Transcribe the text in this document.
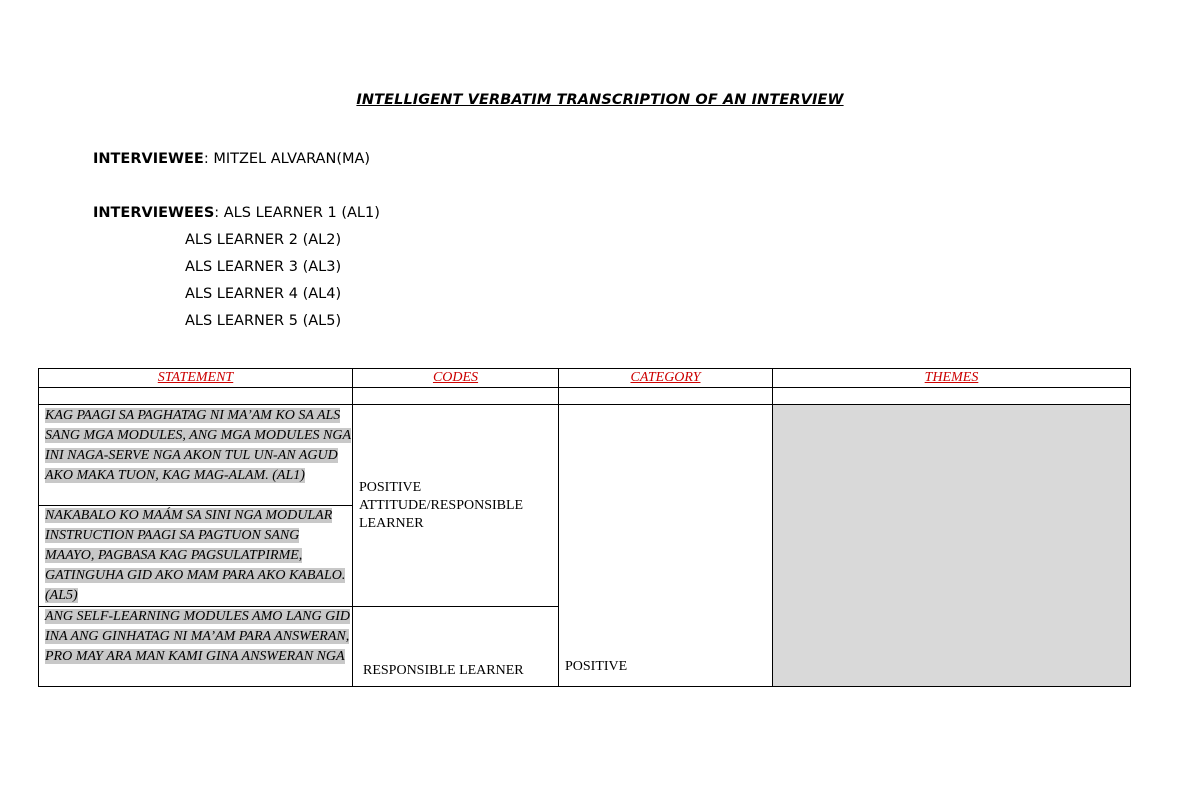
INTELLIGENT VERBATIM TRANSCRIPTION OF AN INTERVIEW
INTERVIEWEE: MITZEL ALVARAN(MA)
INTERVIEWEES: ALS LEARNER 1 (AL1)
ALS LEARNER 2 (AL2)
ALS LEARNER 3 (AL3)
ALS LEARNER 4 (AL4)
ALS LEARNER 5 (AL5)
STATEMENT	CODES	CATEGORY	THEMES

KAG PAAGI SA PAGHATAG NI MA’AM KO SA ALS SANG MGA MODULES, ANG MGA MODULES NGA INI NAGA-SERVE NGA AKON TUL UN-AN AGUD AKO MAKA TUON, KAG MAG-ALAM. (AL1)	POSITIVE ATTITUDE/RESPONSIBLE LEARNER	POSITIVE	
NAKABALO KO MAÁM SA SINI NGA MODULAR INSTRUCTION PAAGI SA PAGTUON SANG MAAYO, PAGBASA KAG PAGSULATPIRME, GATINGUHA GID AKO MAM PARA AKO KABALO. (AL5)			
ANG SELF-LEARNING MODULES AMO LANG GID INA ANG GINHATAG NI MA’AM PARA ANSWERAN, PRO MAY ARA MAN KAMI GINA ANSWERAN NGA	RESPONSIBLE LEARNER		
